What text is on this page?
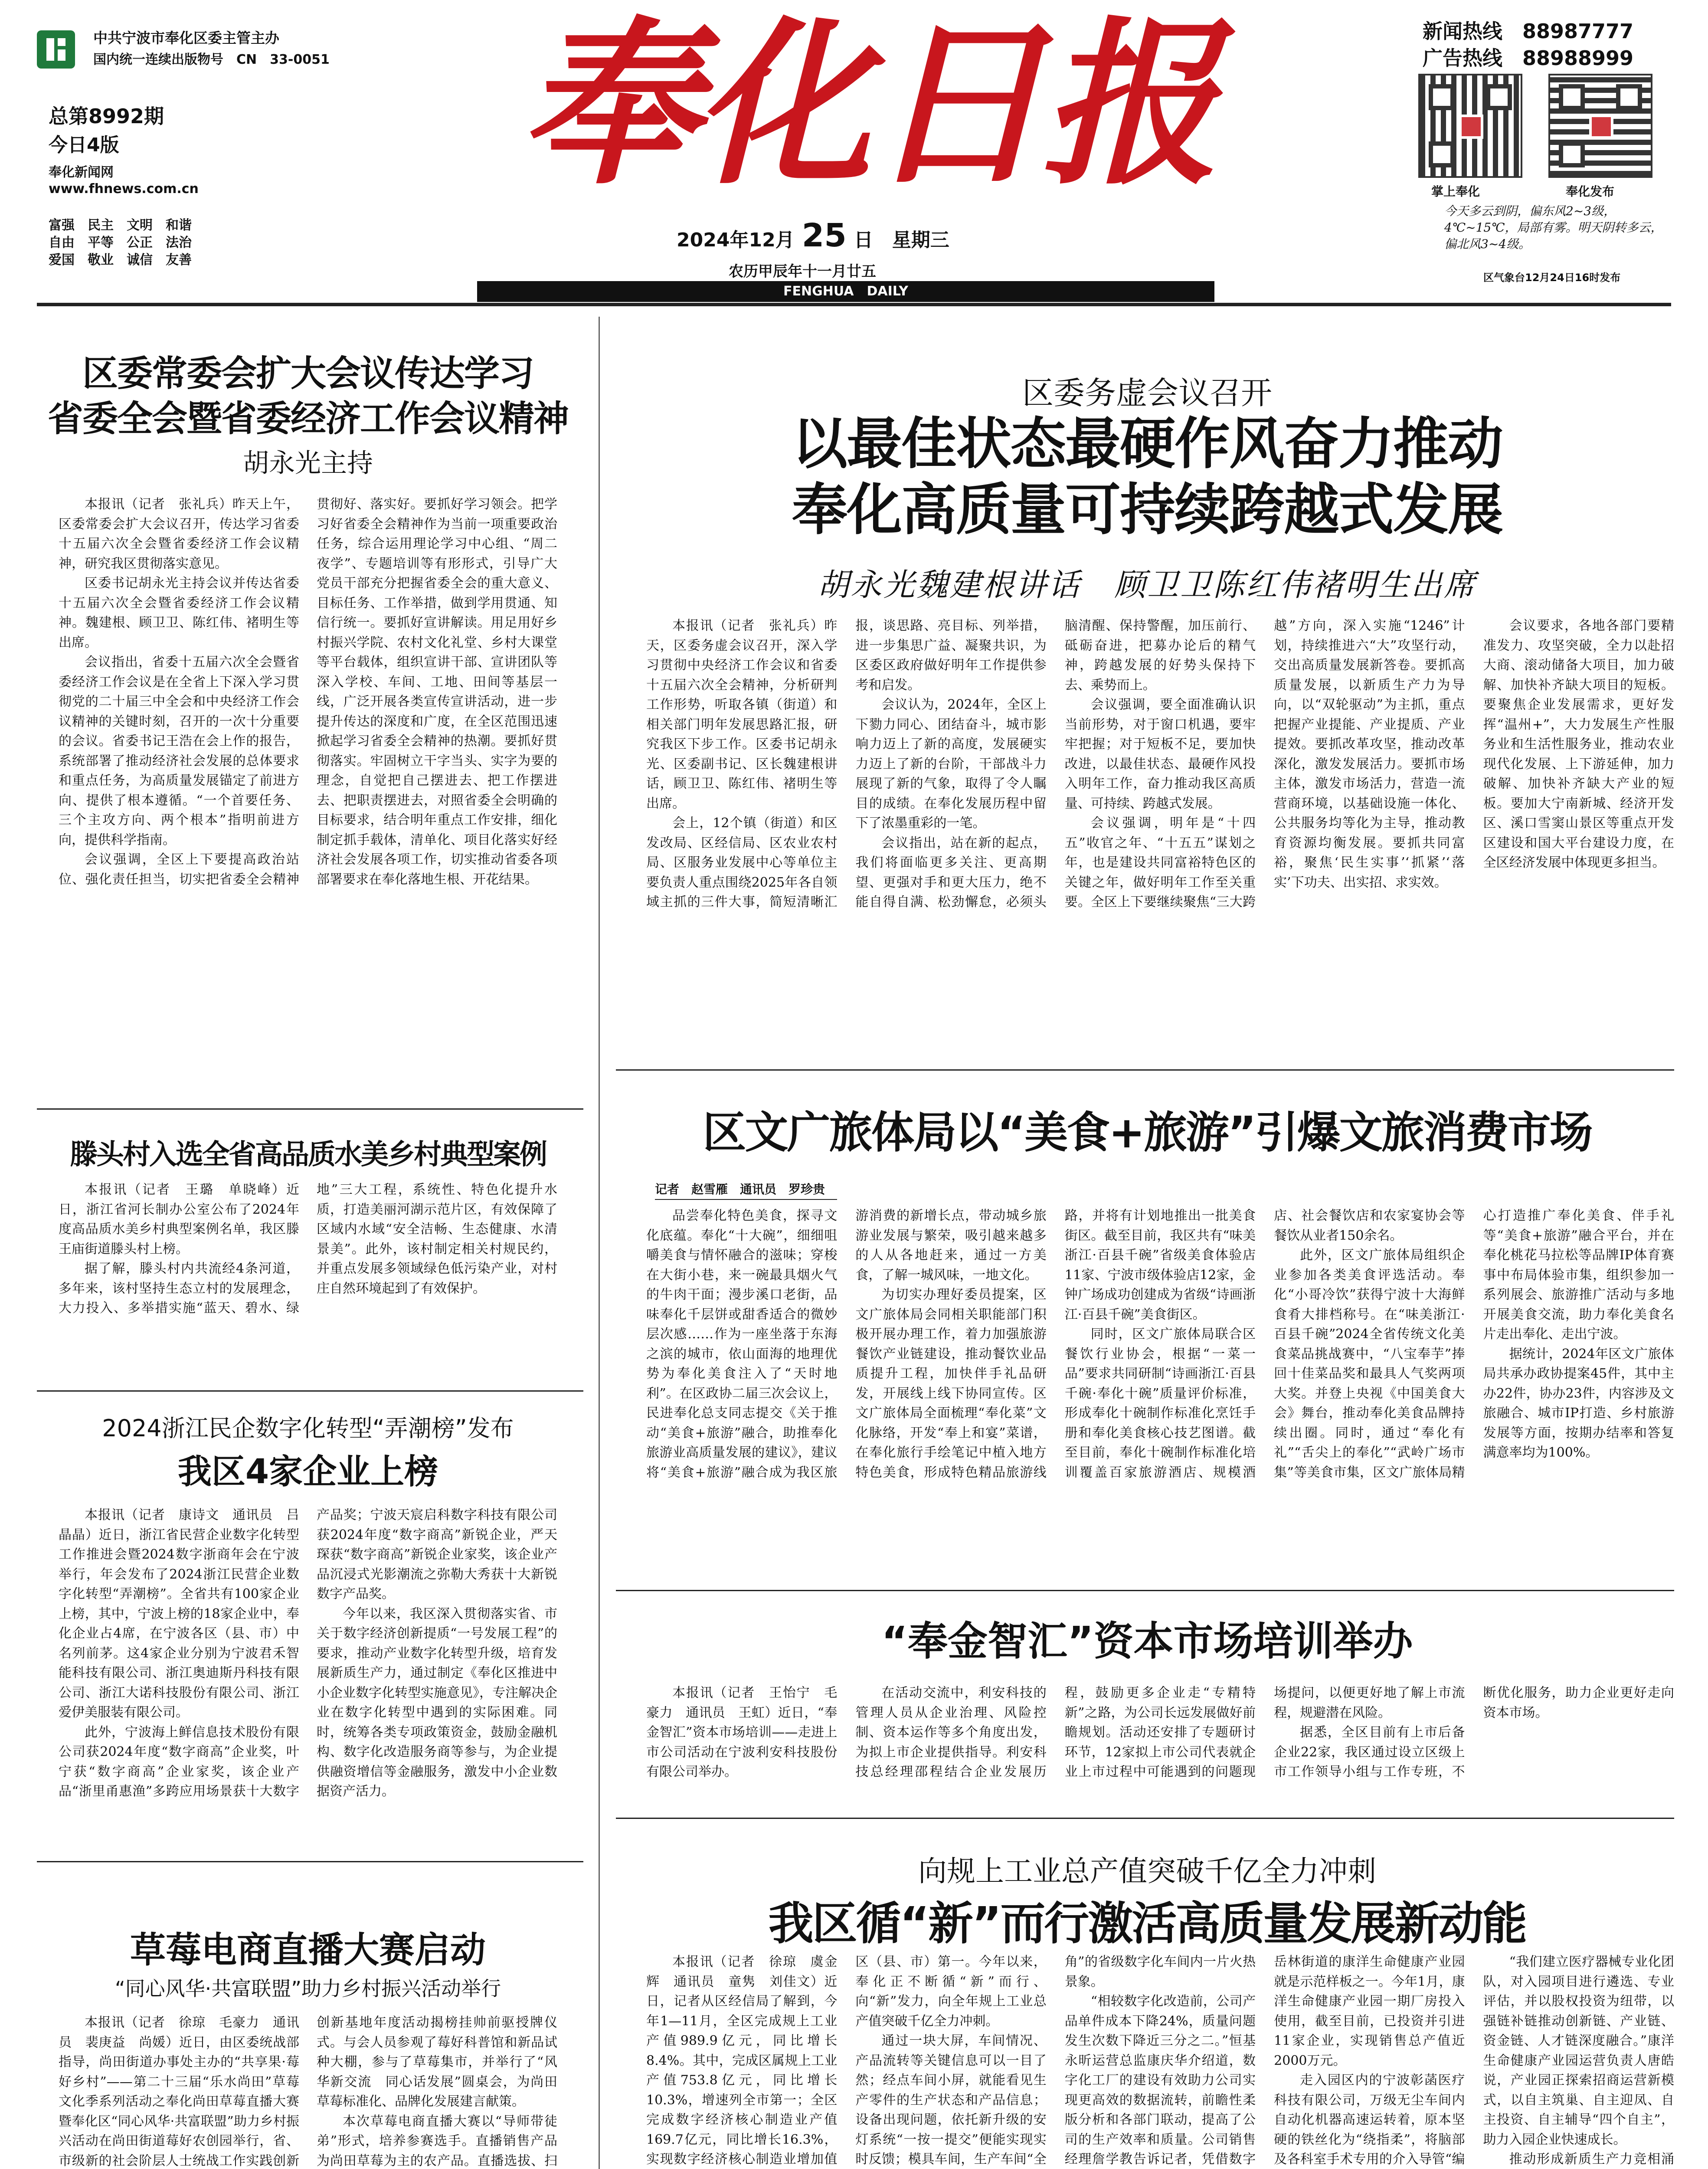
中共宁波市奉化区委主管主办
国内统一连续出版物号　CN　33-0051
总第8992期
今日4版
奉化新闻网
www.fhnews.com.cn
富强　民主　文明　和谐
自由　平等　公正　法治
爱国　敬业　诚信　友善
奉化日报
2024年12月 25 日　星期三
农历甲辰年十一月廿五
FENGHUA　DAILY
新闻热线　 88987777
广告热线　 88988999
掌上奉化	奉化发布
今天多云到阴，偏东风2~3级，4℃~15℃，局部有雾。明天阴转多云，偏北风3~4级。
区气象台12月24日16时发布
区委常委会扩大会议传达学习
省委全会暨省委经济工作会议精神
胡永光主持

本报讯（记者　张礼兵）昨天上午，区委常委会扩大会议召开，传达学习省委十五届六次全会暨省委经济工作会议精神，研究我区贯彻落实意见。

区委书记胡永光主持会议并传达省委十五届六次全会暨省委经济工作会议精神。魏建根、顾卫卫、陈红伟、褚明生等出席。

会议指出，省委十五届六次全会暨省委经济工作会议是在全省上下深入学习贯彻党的二十届三中全会和中央经济工作会议精神的关键时刻，召开的一次十分重要的会议。省委书记王浩在会上作的报告，系统部署了推动经济社会发展的总体要求和重点任务，为高质量发展锚定了前进方向、提供了根本遵循。“一个首要任务、三个主攻方向、两个根本”指明前进方向，提供科学指南。

会议强调，全区上下要提高政治站位、强化责任担当，切实把省委全会精神贯彻好、落实好。要抓好学习领会。把学习好省委全会精神作为当前一项重要政治任务，综合运用理论学习中心组、“周二夜学”、专题培训等有形形式，引导广大党员干部充分把握省委全会的重大意义、目标任务、工作举措，做到学用贯通、知信行统一。要抓好宣讲解读。用足用好乡村振兴学院、农村文化礼堂、乡村大课堂等平台载体，组织宣讲干部、宣讲团队等深入学校、车间、工地、田间等基层一线，广泛开展各类宣传宣讲活动，进一步提升传达的深度和广度，在全区范围迅速掀起学习省委全会精神的热潮。要抓好贯彻落实。牢固树立干字当头、实字为要的理念，自觉把自己摆进去、把工作摆进去、把职责摆进去，对照省委全会明确的目标要求，结合明年重点工作安排，细化制定抓手载体，清单化、项目化落实好经济社会发展各项工作，切实推动省委各项部署要求在奉化落地生根、开花结果。

区委务虚会议召开
以最佳状态最硬作风奋力推动
奉化高质量可持续跨越式发展
胡永光魏建根讲话　顾卫卫陈红伟褚明生出席

本报讯（记者　张礼兵）昨天，区委务虚会议召开，深入学习贯彻中央经济工作会议和省委十五届六次全会精神，分析研判工作形势，听取各镇（街道）和相关部门明年发展思路汇报，研究我区下步工作。区委书记胡永光、区委副书记、区长魏建根讲话，顾卫卫、陈红伟、褚明生等出席。

会上，12个镇（街道）和区发改局、区经信局、区农业农村局、区服务业发展中心等单位主要负责人重点围绕2025年各自领域主抓的三件大事，简短清晰汇报，谈思路、亮目标、列举措，进一步集思广益、凝聚共识，为区委区政府做好明年工作提供参考和启发。

会议认为，2024年，全区上下勠力同心、团结奋斗，城市影响力迈上了新的高度，发展硬实力迈上了新的台阶，干部战斗力展现了新的气象，取得了令人瞩目的成绩。在奉化发展历程中留下了浓墨重彩的一笔。

会议指出，站在新的起点，我们将面临更多关注、更高期望、更强对手和更大压力，绝不能自得自满、松劲懈怠，必须头脑清醒、保持警醒，加压前行、砥砺奋进，把募办论后的精气神，跨越发展的好势头保持下去、乘势而上。

会议强调，要全面准确认识当前形势，对于窗口机遇，要牢牢把握；对于短板不足，要加快改进，以最佳状态、最硬作风投入明年工作，奋力推动我区高质量、可持续、跨越式发展。

会议强调，明年是“十四五”收官之年、“十五五”谋划之年，也是建设共同富裕特色区的关键之年，做好明年工作至关重要。全区上下要继续聚焦“三大跨越”方向，深入实施“1246”计划，持续推进六“大”攻坚行动，交出高质量发展新答卷。要抓高质量发展，以新质生产力为导向，以“双轮驱动”为主抓，重点把握产业提能、产业提质、产业提效。要抓改革攻坚，推动改革深化，激发发展活力。要抓市场主体，激发市场活力，营造一流营商环境，以基础设施一体化、公共服务均等化为主导，推动教育资源均衡发展。要抓共同富裕，聚焦‘民生实事’‘抓紧’‘落实’下功夫、出实招、求实效。

会议要求，各地各部门要精准发力、攻坚突破，全力以赴招大商、滚动储备大项目，加力破解、加快补齐缺大项目的短板。要聚焦企业发展需求，更好发挥“温州+”，大力发展生产性服务业和生活性服务业，推动农业现代化发展、上下游延伸，加力破解、加快补齐缺大产业的短板。要加大宁南新城、经济开发区、溪口雪窦山景区等重点开发区建设和国大平台建设力度，在全区经济发展中体现更多担当。

滕头村入选全省高品质水美乡村典型案例

本报讯（记者　王璐　单晓峰）近日，浙江省河长制办公室公布了2024年度高品质水美乡村典型案例名单，我区滕王庙街道滕头村上榜。

据了解，滕头村内共流经4条河道，多年来，该村坚持生态立村的发展理念，大力投入、多举措实施“蓝天、碧水、绿地”三大工程，系统性、特色化提升水质，打造美丽河湖示范片区，有效保障了区域内水域“安全洁畅、生态健康、水清景美”。此外，该村制定相关村规民约，并重点发展多领域绿色低污染产业，对村庄自然环境起到了有效保护。

2024浙江民企数字化转型“弄潮榜”发布
我区4家企业上榜

本报讯（记者　康诗文　通讯员　吕晶晶）近日，浙江省民营企业数字化转型工作推进会暨2024数字浙商年会在宁波举行，年会发布了2024浙江民营企业数字化转型“弄潮榜”。全省共有100家企业上榜，其中，宁波上榜的18家企业中，奉化企业占4席，在宁波各区（县、市）中名列前茅。这4家企业分别为宁波君禾智能科技有限公司、浙江奥迪斯丹科技有限公司、浙江大诺科技股份有限公司、浙江爱伊美服装有限公司。

此外，宁波海上鲜信息技术股份有限公司获2024年度“数字商高”企业奖，叶宁获“数字商高”企业家奖，该企业产品“浙里甬惠渔”多跨应用场景获十大数字产品奖；宁波天宸启科数字科技有限公司获2024年度“数字商高”新锐企业，严天琛获“数字商高”新锐企业家奖，该企业产品沉浸式光影潮流之弥勒大秀获十大新锐数字产品奖。

今年以来，我区深入贯彻落实省、市关于数字经济创新提质“一号发展工程”的要求，推动产业数字化转型升级，培育发展新质生产力，通过制定《奉化区推进中小企业数字化转型实施意见》，专注解决企业在数字化转型中遇到的实际困难。同时，统筹各类专项政策资金，鼓励金融机构、数字化改造服务商等参与，为企业提供融资增信等金融服务，激发中小企业数据资产活力。

草莓电商直播大赛启动
“同心风华·共富联盟”助力乡村振兴活动举行

本报讯（记者　徐琼　毛豪力　通讯员　裴庚益　尚媛）近日，由区委统战部指导，尚田街道办事处主办的“共享果·莓好乡村”——第二十三届“乐水尚田”草莓文化季系列活动之奉化尚田草莓直播大赛暨奉化区“同心风华·共富联盟”助力乡村振兴活动在尚田街道莓好农创园举行，省、市级新的社会阶层人士统战工作实践创新

创新基地年度活动揭榜挂帅前驱授牌仪式。与会人员参观了莓好科普馆和新品试种大棚，参与了草莓集市，并举行了“风华新交流　同心话发展”圆桌会，为尚田草莓标准化、品牌化发展建言献策。

本次草莓电商直播大赛以“导师带徒弟”形式，培养参赛选手。直播销售产品为尚田草莓为主的农产品。直播选拔、扫

区文广旅体局以“美食+旅游”引爆文旅消费市场
记者　赵雪雁　通讯员　罗珍贵

品尝奉化特色美食，探寻文化底蕴。奉化“十大碗”，细细咀嚼美食与情怀融合的滋味；穿梭在大街小巷，来一碗最具烟火气的牛肉干面；漫步溪口老街，品味奉化千层饼或甜香适合的微妙层次感……作为一座坐落于东海之滨的城市，依山面海的地理优势为奉化美食注入了“天时地利”。在区政协二届三次会议上，民进奉化总支同志提交《关于推动“美食+旅游”融合，助推奉化旅游业高质量发展的建议》，建议将“美食+旅游”融合成为我区旅游消费的新增长点，带动城乡旅游业发展与繁荣，吸引越来越多的人从各地赶来，通过一方美食，了解一城风味，一地文化。

为切实办理好委员提案，区文广旅体局会同相关职能部门积极开展办理工作，着力加强旅游餐饮产业链建设，推动餐饮业品质提升工程，加快伴手礼品研发，开展线上线下协同宣传。区文广旅体局全面梳理“奉化菜”文化脉络，开发“奉上和宴”菜谱，在奉化旅行手绘笔记中植入地方特色美食，形成特色精品旅游线路，并将有计划地推出一批美食街区。截至目前，我区共有“味美浙江·百县千碗”省级美食体验店11家、宁波市级体验店12家，金钟广场成功创建成为省级“诗画浙江·百县千碗”美食街区。

同时，区文广旅体局联合区餐饮行业协会，根据“一菜一品”要求共同研制“诗画浙江·百县千碗·奉化十碗”质量评价标准，形成奉化十碗制作标准化烹饪手册和奉化美食核心技艺图谱。截至目前，奉化十碗制作标准化培训覆盖百家旅游酒店、规模酒店、社会餐饮店和农家宴协会等餐饮从业者150余名。

此外，区文广旅体局组织企业参加各类美食评选活动。奉化“小哥冷饮”获得宁波十大海鲜食肴大排档称号。在“味美浙江·百县千碗”2024全省传统文化美食菜品挑战赛中，“八宝奉芋”捧回十佳菜品奖和最具人气奖两项大奖。并登上央视《中国美食大会》舞台，推动奉化美食品牌持续出圈。同时，通过“奉化有礼”“舌尖上的奉化”“武岭广场市集”等美食市集，区文广旅体局精心打造推广奉化美食、伴手礼等“美食+旅游”融合平台，并在奉化桃花马拉松等品牌IP体育赛事中布局体验市集，组织参加一系列展会、旅游推广活动与多地开展美食交流，助力奉化美食名片走出奉化、走出宁波。

据统计，2024年区文广旅体局共承办政协提案45件，其中主办22件，协办23件，内容涉及文旅融合、城市IP打造、乡村旅游发展等方面，按期办结率和答复满意率均为100%。

“奉金智汇”资本市场培训举办

本报讯（记者　王怡宁　毛豪力　通讯员　王虹）近日，“奉金智汇”资本市场培训——走进上市公司活动在宁波利安科技股份有限公司举办。

在活动交流中，利安科技的管理人员从企业治理、风险控制、资本运作等多个角度出发，为拟上市企业提供指导。利安科技总经理邵程结合企业发展历程，鼓励更多企业走“专精特新”之路，为公司长远发展做好前瞻规划。活动还安排了专题研讨环节，12家拟上市公司代表就企业上市过程中可能遇到的问题现场提问，以便更好地了解上市流程，规避潜在风险。

据悉，全区目前有上市后备企业22家，我区通过设立区级上市工作领导小组与工作专班，不断优化服务，助力企业更好走向资本市场。

向规上工业总产值突破千亿全力冲刺
我区循“新”而行激活高质量发展新动能

本报讯（记者　徐琼　虞金辉　通讯员　童隽　刘佳文）近日，记者从区经信局了解到，今年1—11月，全区完成规上工业产值989.9亿元，同比增长8.4%。其中，完成区属规上工业产值753.8亿元，同比增长10.3%，增速列全市第一；全区完成数字经济核心制造业产值169.7亿元，同比增长16.3%，实现数字经济核心制造业增加值 区（县、市）第一。今年以来，奉化正不断循“新”而行、向“新”发力，向全年规上工业总产值突破千亿全力冲刺。

通过一块大屏，车间情况、产品流转等关键信息可以一目了然；经点车间小屏，就能看见生产零件的生产状态和产品信息；设备出现问题，依托新升级的安灯系统“一按一提交”便能实现实时反馈；模具车间，生产车间“全 角”的省级数字化车间内一片火热景象。

“相较数字化改造前，公司产品单件成本下降24%，质量问题发生次数下降近三分之二。”恒基永昕运营总监康庆华介绍道，数字化工厂的建设有效助力公司实现更高效的数据流转，前瞻性柔版分析和各部门联动，提高了公司的生产效率和质量。公司销售经理詹学教告诉记者，凭借数字

岳林街道的康洋生命健康产业园就是示范样板之一。今年1月，康洋生命健康产业园一期厂房投入使用，截至目前，已投资并引进11家企业，实现销售总产值近2000万元。

走入园区内的宁波彰菡医疗科技有限公司，万级无尘车间内自动化机器高速运转着，原本坚硬的铁丝化为“绕指柔”，将脑部及各科室手术专用的介入导管“编

“我们建立医疗器械专业化团队，对入园项目进行遴选、专业评估，并以股权投资为纽带，以强链补链推动创新链、产业链、资金链、人才链深度融合。”康洋生命健康产业园运营负责人唐皓说，产业园正探索招商运营新模式，以自主筑巢、自主迎凤、自主投资、自主辅导“四个自主”，助力入园企业快速成长。

推动形成新质生产力竞相涌
